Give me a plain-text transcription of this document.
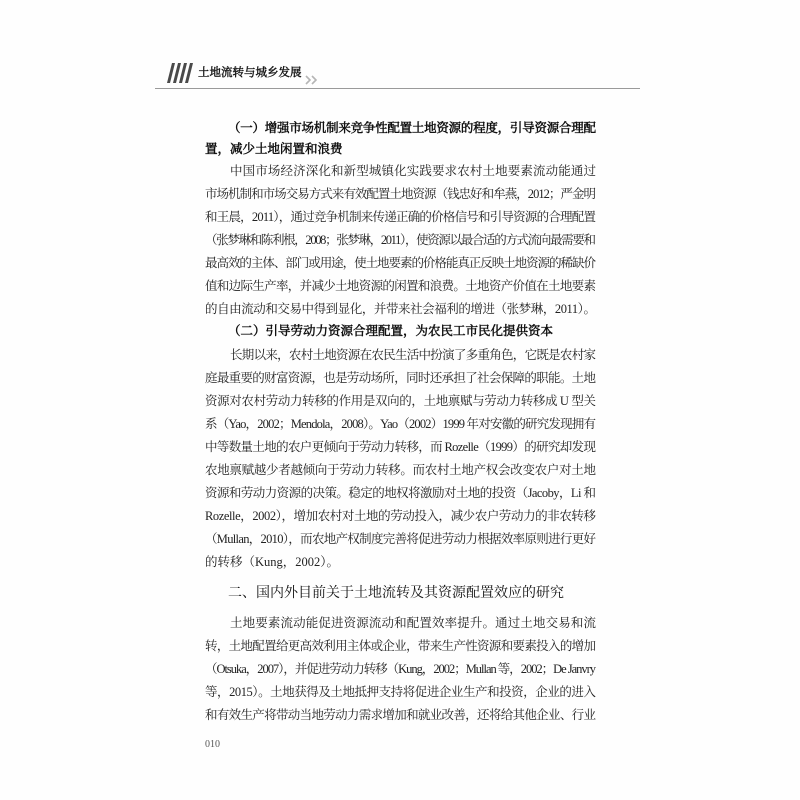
土地流转与城乡发展
（一）增强市场机制来竞争性配置土地资源的程度，引导资源合理配
置，减少土地闲置和浪费
中国市场经济深化和新型城镇化实践要求农村土地要素流动能通过
市场机制和市场交易方式来有效配置土地资源（钱忠好和牟燕，2012；严金明
和王晨，2011），通过竞争机制来传递正确的价格信号和引导资源的合理配置
（张梦琳和陈利根，2008；张梦琳，2011），使资源以最合适的方式流向最需要和
最高效的主体、部门或用途，使土地要素的价格能真正反映土地资源的稀缺价
值和边际生产率，并减少土地资源的闲置和浪费。土地资产价值在土地要素
的自由流动和交易中得到显化，并带来社会福利的增进（张梦琳，2011）。
（二）引导劳动力资源合理配置，为农民工市民化提供资本
长期以来，农村土地资源在农民生活中扮演了多重角色，它既是农村家
庭最重要的财富资源，也是劳动场所，同时还承担了社会保障的职能。土地
资源对农村劳动力转移的作用是双向的，土地禀赋与劳动力转移成 U 型关
系（Yao，2002；Mendola，2008）。Yao（2002）1999 年对安徽的研究发现拥有
中等数量土地的农户更倾向于劳动力转移，而 Rozelle（1999）的研究却发现
农地禀赋越少者越倾向于劳动力转移。而农村土地产权会改变农户对土地
资源和劳动力资源的决策。稳定的地权将激励对土地的投资（Jacoby，Li 和
Rozelle，2002），增加农村对土地的劳动投入，减少农户劳动力的非农转移
（Mullan，2010），而农地产权制度完善将促进劳动力根据效率原则进行更好
的转移（Kung，2002）。
二、国内外目前关于土地流转及其资源配置效应的研究
土地要素流动能促进资源流动和配置效率提升。通过土地交易和流
转，土地配置给更高效利用主体或企业，带来生产性资源和要素投入的增加
（Otsuka，2007），并促进劳动力转移（Kung，2002；Mullan 等，2002；De Janvry
等，2015）。土地获得及土地抵押支持将促进企业生产和投资，企业的进入
和有效生产将带动当地劳动力需求增加和就业改善，还将给其他企业、行业
010
